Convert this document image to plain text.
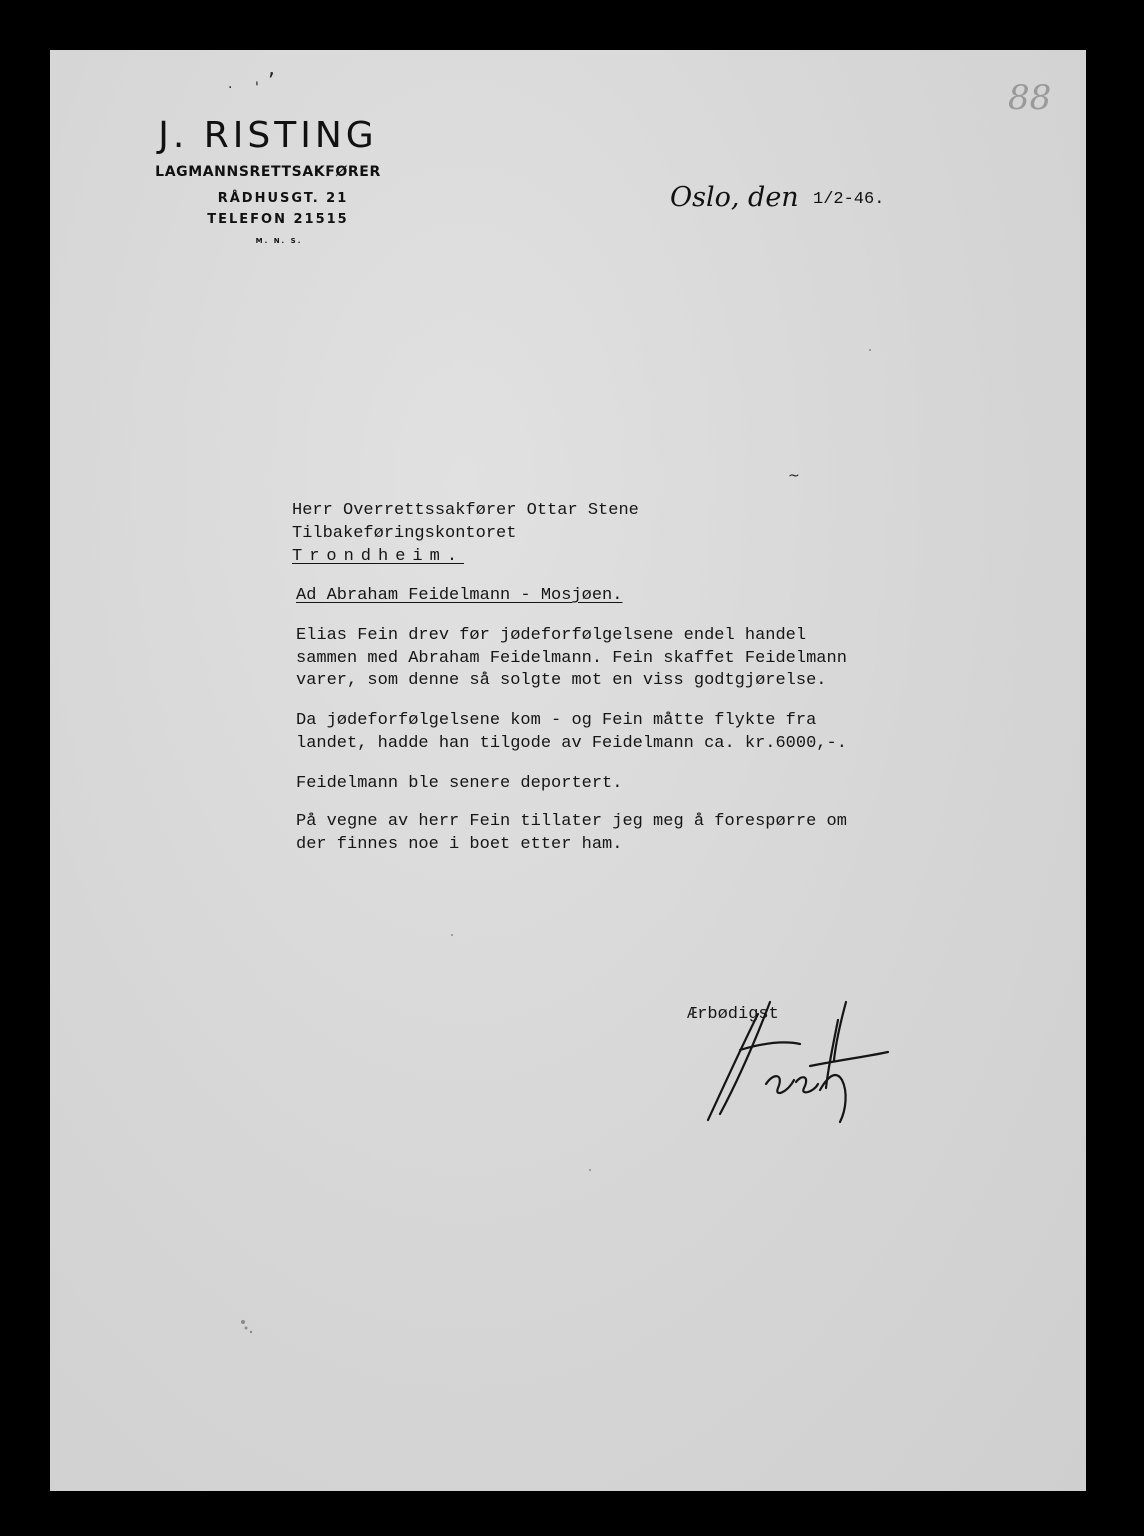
,
· '	88
J. RISTING
LAGMANNSRETTSAKFØRER
RÅDHUSGT. 21
TELEFON 21515
M. N. S.
Oslo, den 1/2-46.
~
Herr Overrettssakfører Ottar Stene
Tilbakeføringskontoret
Trondheim.
Ad Abraham Feidelmann - Mosjøen.
Elias Fein drev før jødeforfølgelsene endel handel
sammen med Abraham Feidelmann. Fein skaffet Feidelmann
varer, som denne så solgte mot en viss godtgjørelse.
Da jødeforfølgelsene kom - og Fein måtte flykte fra
landet, hadde han tilgode av Feidelmann ca. kr.6000,-.
Feidelmann ble senere deportert.
På vegne av herr Fein tillater jeg meg å forespørre om
der finnes noe i boet etter ham.
Ærbødigst
